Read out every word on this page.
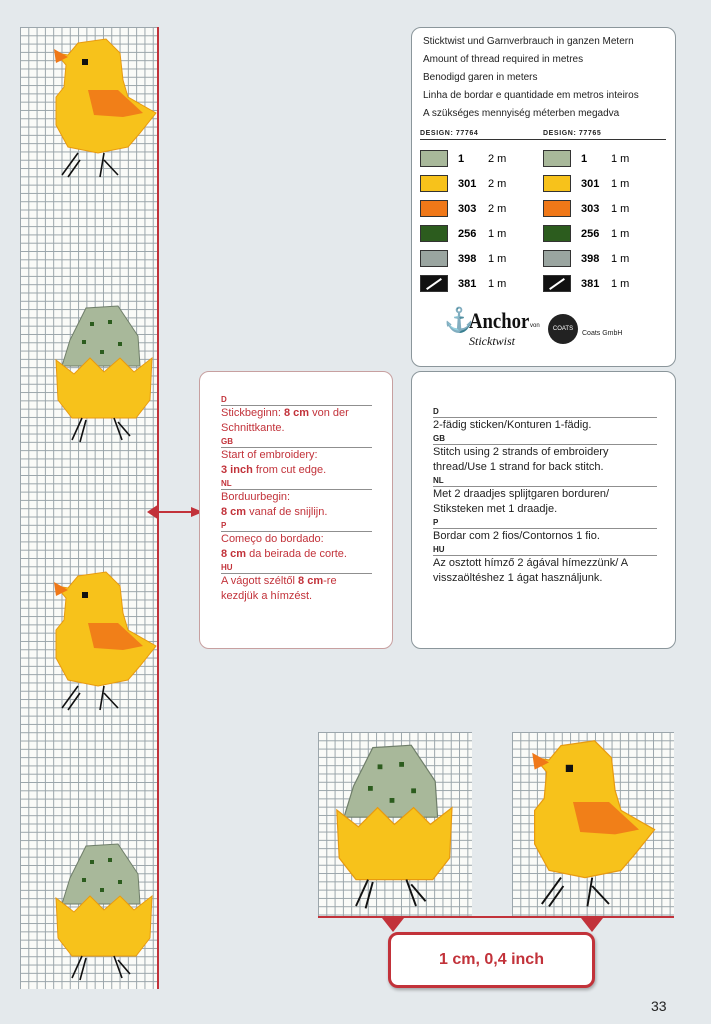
Sticktwist und Garnverbrauch in ganzen Metern

Amount of thread required in metres

Benodigd garen in meters

Linha de bordar e quantidade em metros inteiros

A szükséges mennyiség méterben megadva

DESIGN: 77764	DESIGN: 77765
1	2 m	1	1 m
301	2 m	301	1 m
303	2 m	303	1 m
256	1 m	256	1 m
398	1 m	398	1 m
381	1 m	381	1 m
⚓
Anchor von
Sticktwist
COATS
Coats GmbH
D
Stickbeginn: 8 cm von der Schnittkante.
GB
Start of embroidery:
3 inch from cut edge.
NL
Borduurbegin:
8 cm vanaf de snijlijn.
P
Começo do bordado:
8 cm da beirada de corte.
HU
A vágott széltől 8 cm-re kezdjük a hímzést.
D
2-fädig sticken/Konturen 1-fädig.
GB
Stitch using 2 strands of embroidery thread/Use 1 strand for back stitch.
NL
Met 2 draadjes splijtgaren borduren/ Stiksteken met 1 draadje.
P
Bordar com 2 fios/Contornos 1 fio.
HU
Az osztott hímző 2 ágával hímezzünk/ A visszaöltéshez 1 ágat használjunk.
1 cm, 0,4 inch
33
